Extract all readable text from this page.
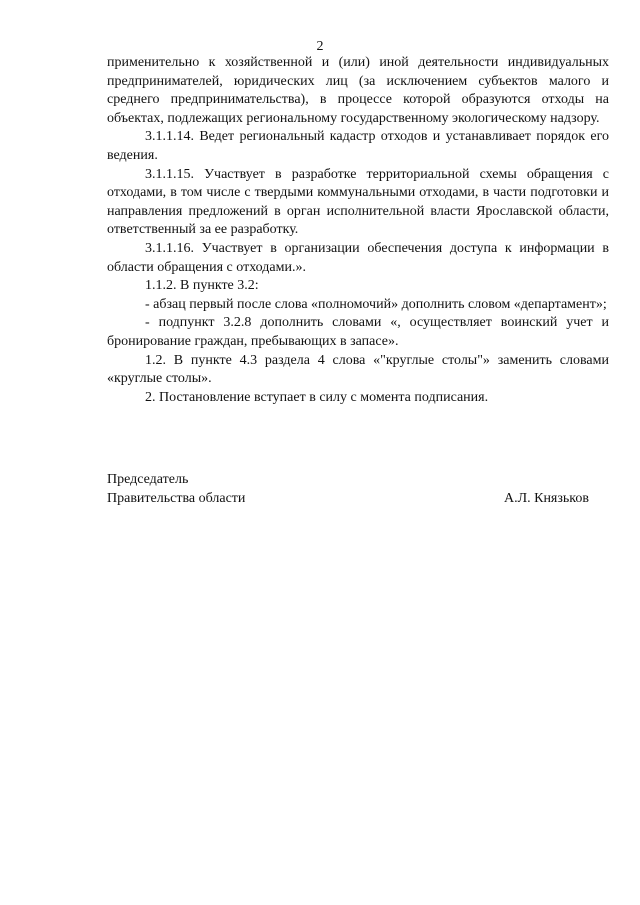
2

применительно к хозяйственной и (или) иной деятельности индивидуальных предпринимателей, юридических лиц (за исключением субъектов малого и среднего предпринимательства), в процессе которой образуются отходы на объектах, подлежащих региональному государственному экологическому надзору.

3.1.1.14. Ведет региональный кадастр отходов и устанавливает порядок его ведения.

3.1.1.15. Участвует в разработке территориальной схемы обращения с отходами, в том числе с твердыми коммунальными отходами, в части подготовки и направления предложений в орган исполнительной власти Ярославской области, ответственный за ее разработку.

3.1.1.16. Участвует в организации обеспечения доступа к информации в области обращения с отходами.».

1.1.2. В пункте 3.2:

- абзац первый после слова «полномочий» дополнить словом «департамент»;

- подпункт 3.2.8 дополнить словами «, осуществляет воинский учет и бронирование граждан, пребывающих в запасе».

1.2. В пункте 4.3 раздела 4 слова «"круглые столы"» заменить словами «круглые столы».

2. Постановление вступает в силу с момента подписания.

Председатель
Правительства области	А.Л. Князьков
